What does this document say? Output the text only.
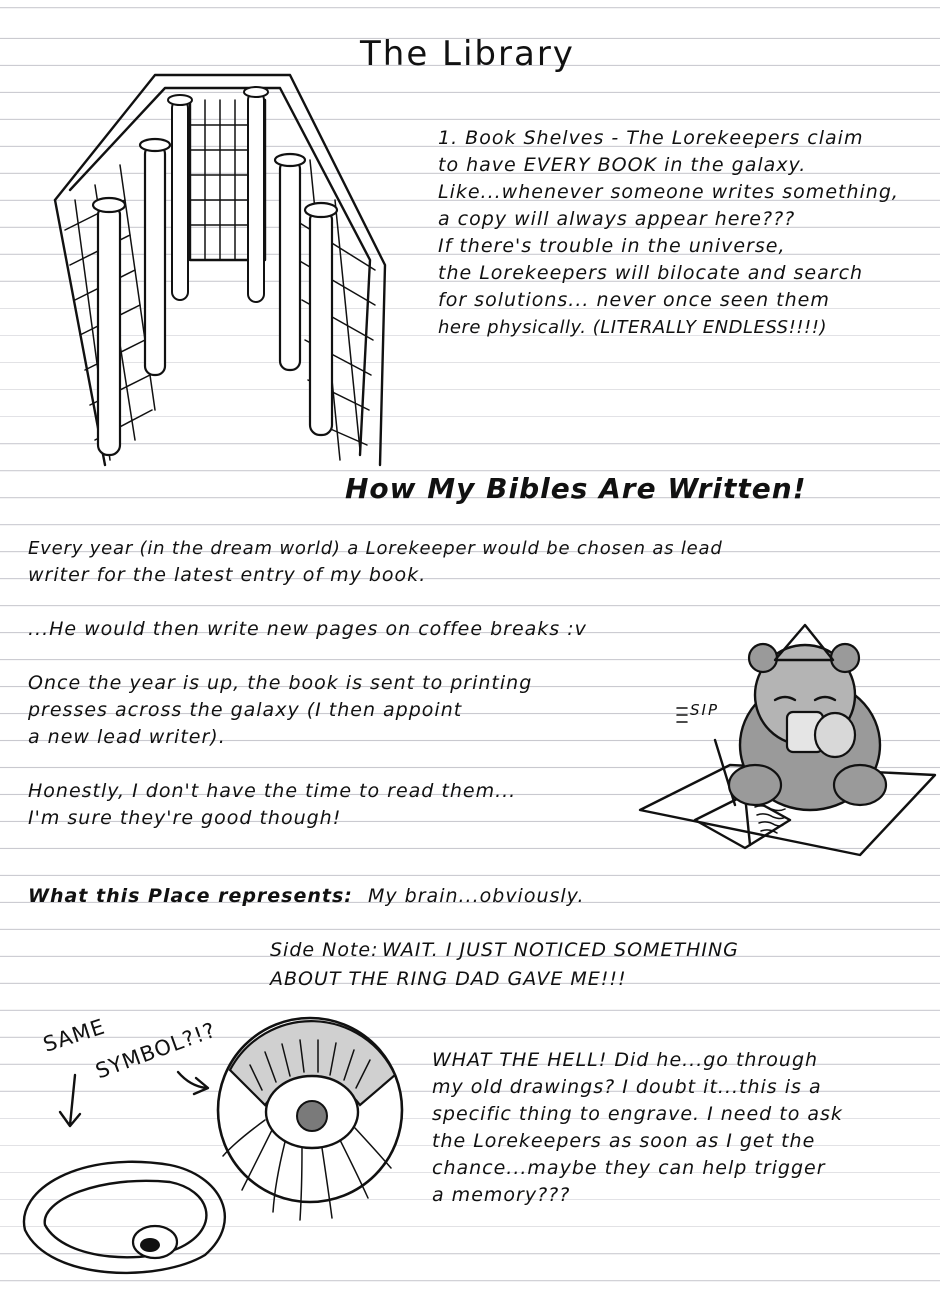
The Library
1. Book Shelves - The Lorekeepers claim
to have EVERY BOOK in the galaxy.
Like...whenever someone writes something,
a copy will always appear here???
If there's trouble in the universe,
the Lorekeepers will bilocate and search
for solutions... never once seen them
here physically. (LITERALLY ENDLESS!!!!)
How My Bibles Are Written!
Every year (in the dream world) a Lorekeeper would be chosen as lead
writer for the latest entry of my book.
...He would then write new pages on coffee breaks :v
Once the year is up, the book is sent to printing
presses across the galaxy (I then appoint
a new lead writer).
Honestly, I don't have the time to read them...
I'm sure they're good though!
What this Place represents: My brain...obviously.
SIP
Side Note: WAIT. I JUST NOTICED SOMETHING
ABOUT THE RING DAD GAVE ME!!!
SAME
SYMBOL?!?	WHAT THE HELL! Did he...go through
my old drawings? I doubt it...this is a
specific thing to engrave. I need to ask
the Lorekeepers as soon as I get the
chance...maybe they can help trigger
a memory???
